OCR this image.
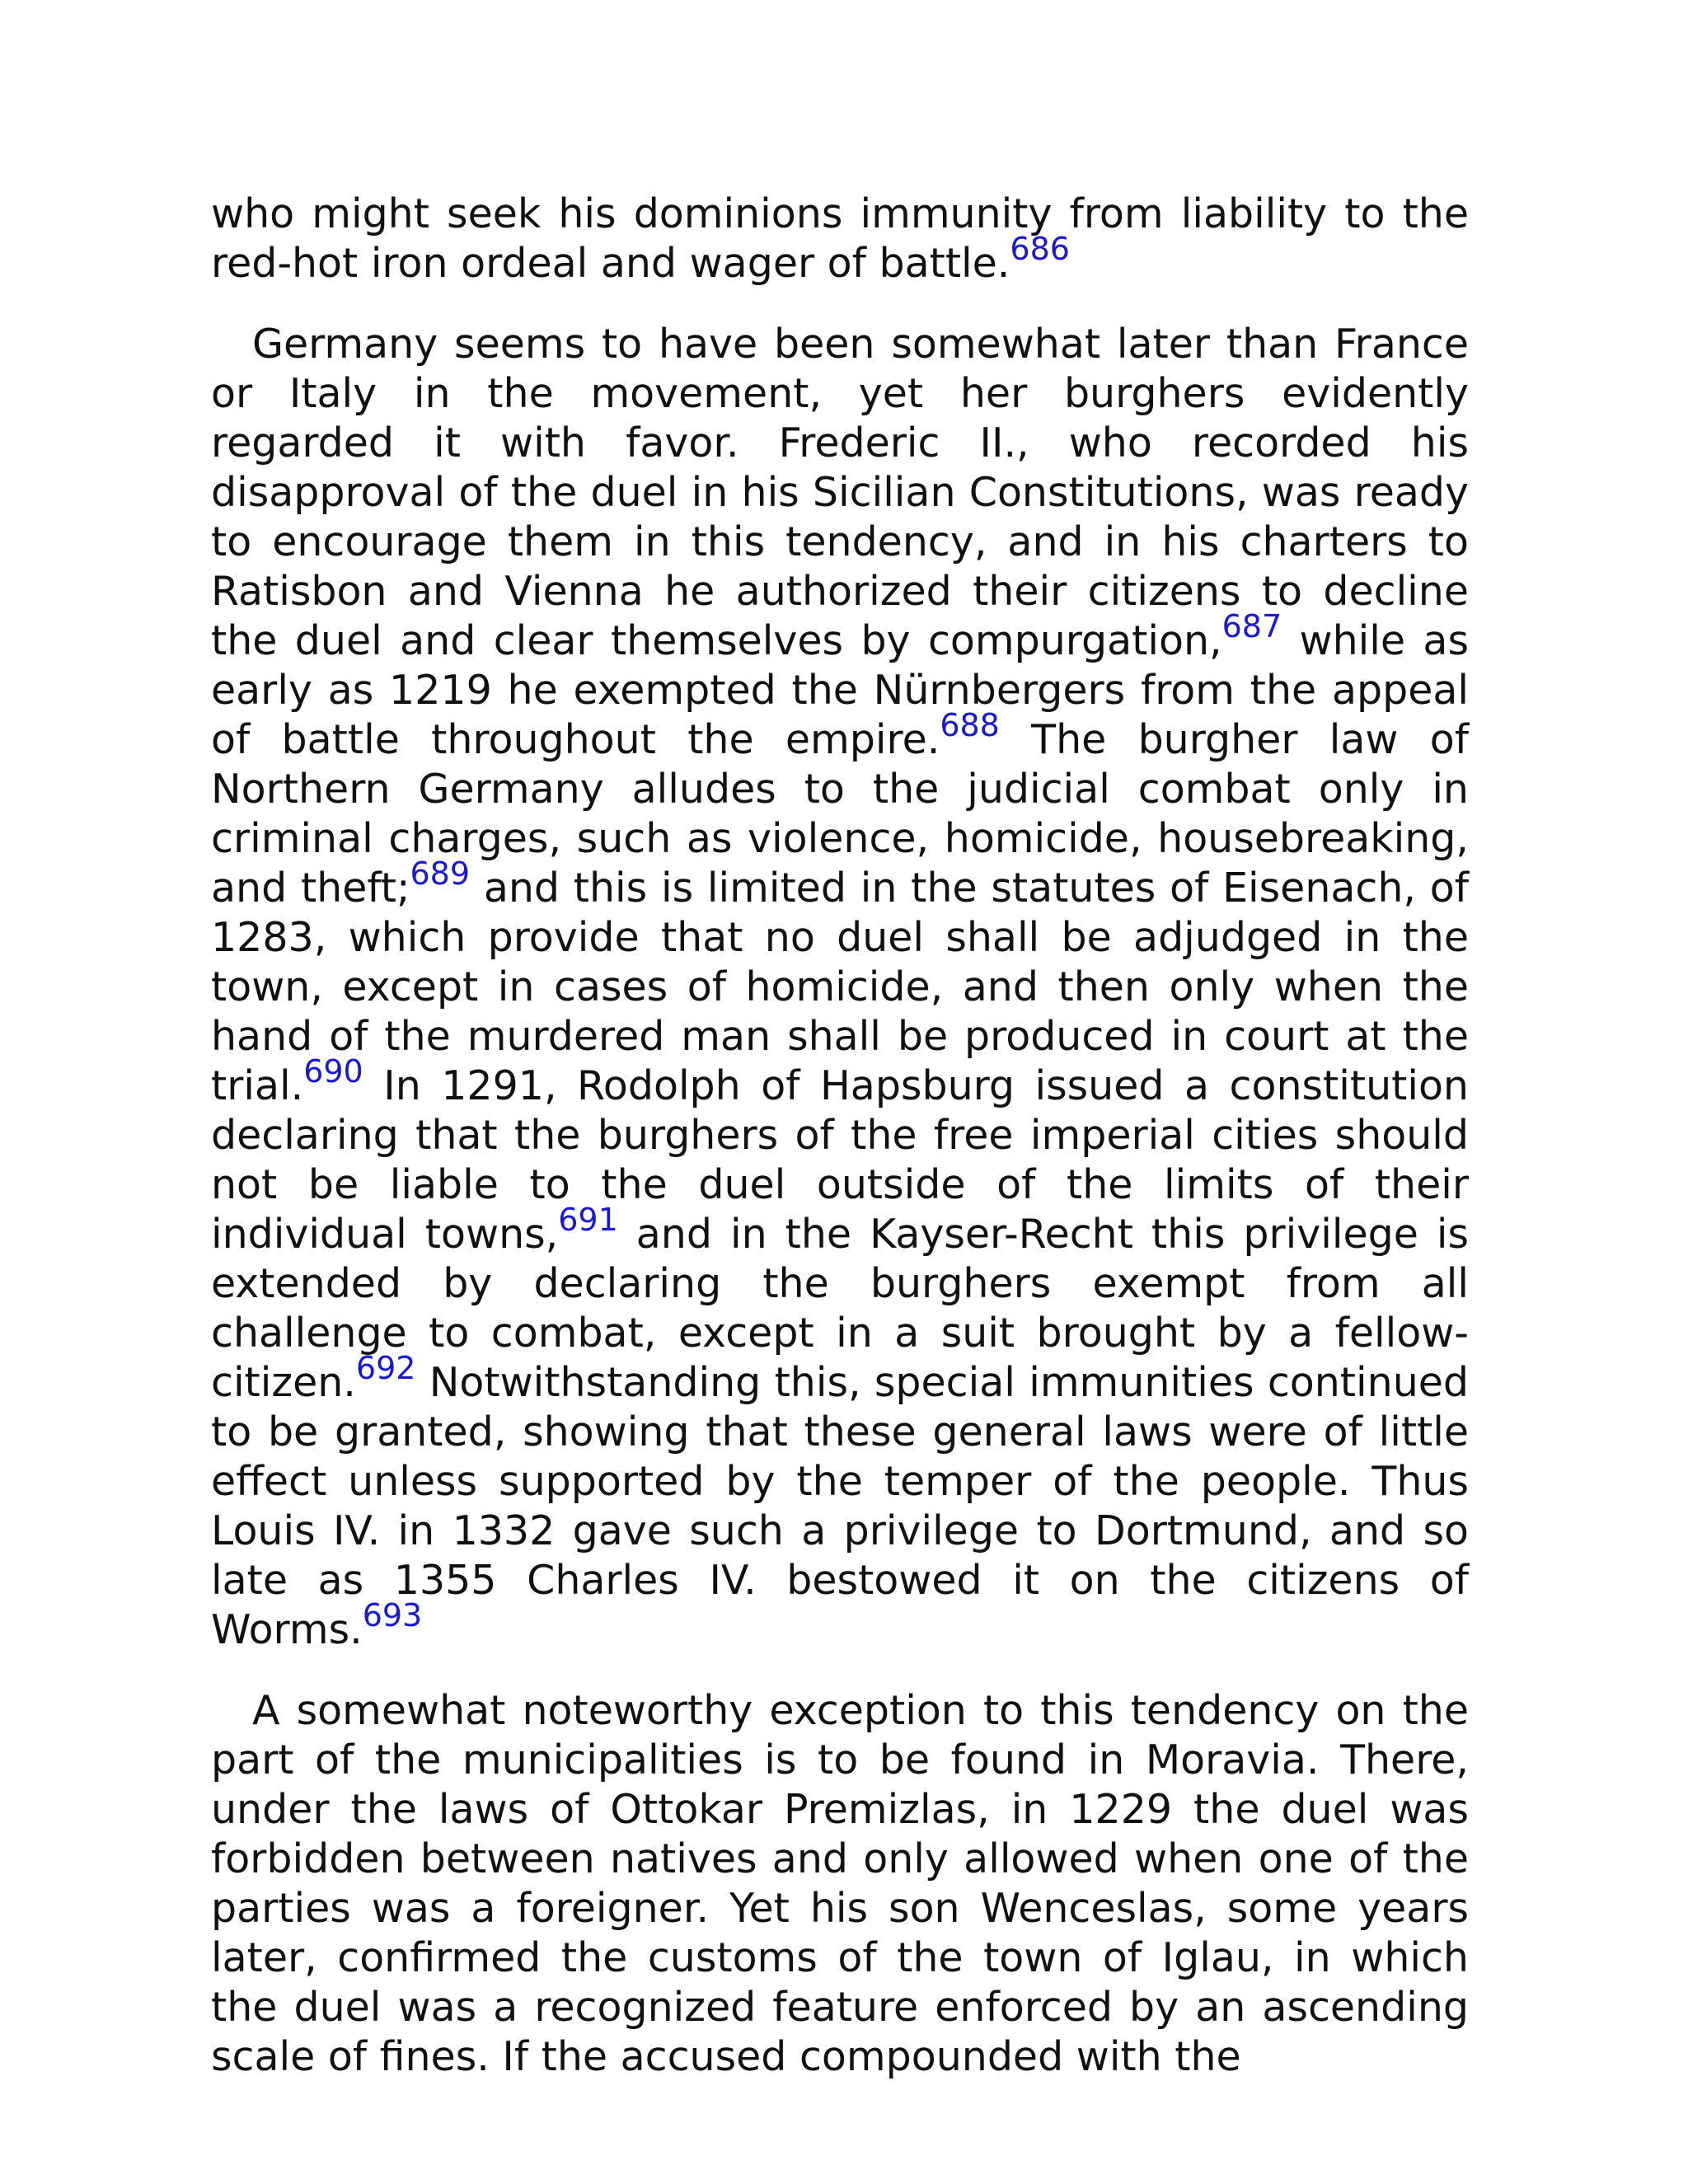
who might seek his dominions immunity from liability to the red-hot iron ordeal and wager of battle.$^{686}$

Germany seems to have been somewhat later than France or Italy in the movement, yet her burghers evidently regarded it with favor. Frederic II., who recorded his disapproval of the duel in his Sicilian Constitutions, was ready to encourage them in this tendency, and in his charters to Ratisbon and Vienna he authorized their citizens to decline the duel and clear themselves by compurgation,$^{687}$ while as early as 1219 he exempted the Nürnbergers from the appeal of battle throughout the empire.$^{688}$ The burgher law of Northern Germany alludes to the judicial combat only in criminal charges, such as violence, homicide, housebreaking, and theft;$^{689}$ and this is limited in the statutes of Eisenach, of 1283, which provide that no duel shall be adjudged in the town, except in cases of homicide, and then only when the hand of the murdered man shall be produced in court at the trial.$^{690}$ In 1291, Rodolph of Hapsburg issued a constitution declaring that the burghers of the free imperial cities should not be liable to the duel outside of the limits of their individual towns,$^{691}$ and in the Kayser-Recht this privilege is extended by declaring the burghers exempt from all challenge to combat, except in a suit brought by a fellow-citizen.$^{692}$ Notwithstanding this, special immunities continued to be granted, showing that these general laws were of little effect unless supported by the temper of the people. Thus Louis IV. in 1332 gave such a privilege to Dortmund, and so late as 1355 Charles IV. bestowed it on the citizens of Worms.$^{693}$

A somewhat noteworthy exception to this tendency on the part of the municipalities is to be found in Moravia. There, under the laws of Ottokar Premizlas, in 1229 the duel was forbidden between natives and only allowed when one of the parties was a foreigner. Yet his son Wenceslas, some years later, confirmed the customs of the town of Iglau, in which the duel was a recognized feature enforced by an ascending scale of fines. If the accused compounded with the
